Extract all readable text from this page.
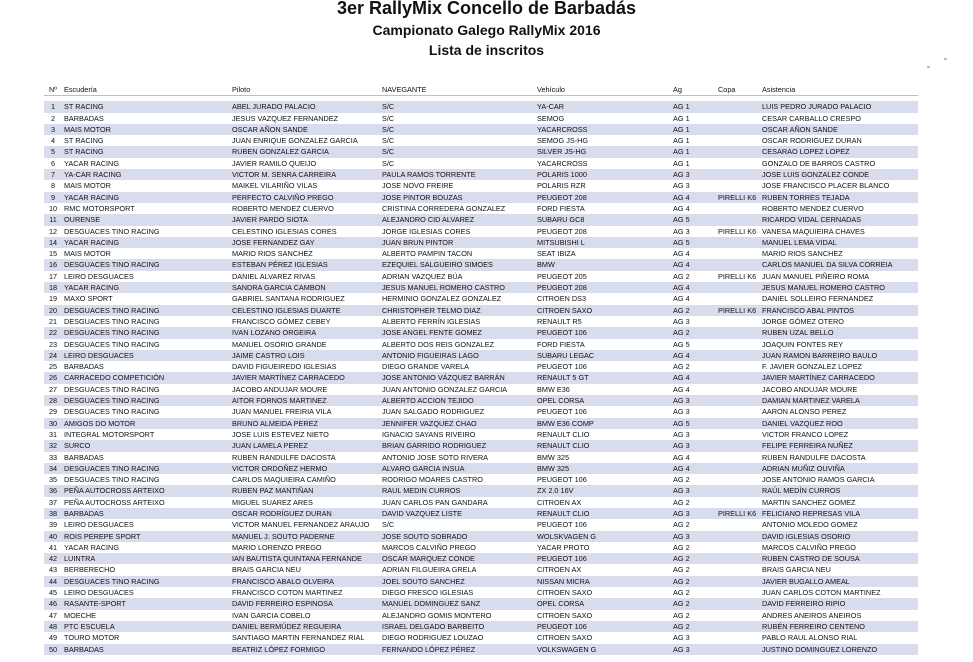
3er RallyMix Concello de Barbadás
Campionato Galego RallyMix 2016
Lista de inscritos
Nº	Escudería	Piloto	NAVEGANTE	Vehículo	Ag	Copa	Asistencia

1	ST RACING	ABEL JURADO PALACIO	S/C	YA-CAR	AG 1		LUIS PEDRO JURADO PALACIO
2	BARBADAS	JESUS VAZQUEZ FERNANDEZ	S/C	SEMOG	AG 1		CESAR CARBALLO CRESPO
3	MAIS MOTOR	OSCAR AÑON SANDE	S/C	YACARCROSS	AG 1		OSCAR AÑON SANDE
4	ST RACING	JUAN ENRIQUE GONZALEZ GARCIA	S/C	SEMOG JS-HG	AG 1		OSCAR RODRIGUEZ DURAN
5	ST RACING	RUBEN GONZALEZ GARCIA	S/C	SILVER JS-HG	AG 1		CESARAO LOPEZ LOPEZ
6	YACAR RACING	JAVIER RAMILO QUEIJO	S/C	YACARCROSS	AG 1		GONZALO DE BARROS CASTRO
7	YA-CAR RACING	VICTOR M. SENRA CARREIRA	PAULA RAMOS TORRENTE	POLARIS 1000	AG 3		JOSE LUIS GONZALEZ CONDE
8	MAIS MOTOR	MAIKEL VILARIÑO VILAS	JOSE NOVO FREIRE	POLARIS RZR	AG 3		JOSE FRANCISCO PLACER BLANCO
9	YACAR RACING	PERFECTO CALVIÑO PREGO	JOSE PINTOR BOUZAS	PEUGEOT 208	AG 4	PIRELLI K6	RUBEN TORRES TEJADA
10	RMC MOTORSPORT	ROBERTO MENDEZ CUERVO	CRISTINA CORREDERA GONZALEZ	FORD FIESTA	AG 4		ROBERTO MENDEZ CUERVO
11	OURENSE	JAVIER PARDO SIOTA	ALEJANDRO CID ALVAREZ	SUBARU GC8	AG 5		RICARDO VIDAL CERNADAS
12	DESGUACES TINO RACING	CELESTINO IGLESIAS CORES	JORGE IGLESIAS CORES	PEUGEOT 208	AG 3	PIRELLI K6	VANESA MAQUIEIRA CHAVES
14	YACAR RACING	JOSE FERNANDEZ GAY	JUAN BRUN PINTOR	MITSUBISHI L	AG 5		MANUEL LEMA VIDAL
15	MAIS MOTOR	MARIO RIOS SANCHEZ	ALBERTO PAMPIN TACON	SEAT IBIZA	AG 4		MARIO RIOS SANCHEZ
16	DESGUACES TINO RACING	ESTEBAN PÉREZ IGLESIAS	EZEQUIEL SALGUEIRO SIMOES	BMW	AG 4		CARLOS MANUEL DA SILVA CORREIA
17	LEIRO DESGUACES	DANIEL ALVAREZ RIVAS	ADRIAN VAZQUEZ BÚA	PEUGEOT 205	AG 2	PIRELLI K6	JUAN MANUEL PIÑEIRO ROMA
18	YACAR RACING	SANDRA GARCIA CAMBON	JESUS MANUEL ROMERO CASTRO	PEUGEOT 208	AG 4		JESUS MANUEL ROMERO CASTRO
19	MAXO SPORT	GABRIEL SANTANA RODRIGUEZ	HERMINIO GONZALEZ GONZALEZ	CITROEN DS3	AG 4		DANIEL SOLLEIRO FERNANDEZ
20	DESGUACES TINO RACING	CELESTINO IGLESIAS DUARTE	CHRISTOPHER TELMO DIAZ	CITROEN SAXO	AG 2	PIRELLI K6	FRANCISCO ABAL PINTOS
21	DESGUACES TINO RACING	FRANCISCO GÓMEZ CEBEY	ALBERTO FERRÍN IGLESIAS	RENAULT R5	AG 3		JORGE GÓMEZ OTERO
22	DESGUACES TINO RACING	IVAN LOZANO ORGEIRA	JOSE ANGEL FENTE GOMEZ	PEUGEOT 106	AG 2		RUBEN UZAL BELLO
23	DESGUACES TINO RACING	MANUEL OSORIO GRANDE	ALBERTO DOS REIS GONZALEZ	FORD FIESTA	AG 5		JOAQUIN FONTES REY
24	LEIRO DESGUACES	JAIME CASTRO LOIS	ANTONIO FIGUEIRAS LAGO	SUBARU LEGAC	AG 4		JUAN RAMON BARREIRO BAULO
25	BARBADAS	DAVID FIGUEIREDO IGLESIAS	DIEGO GRANDE VARELA	PEUGEOT 106	AG 2		F. JAVIER GONZALEZ LOPEZ
26	CARRACEDO COMPETICIÓN	JAVIER MARTÍNEZ CARRACEDO	JOSE ANTONIO VÁZQUEZ BARRÁN	RENAULT 5 GT	AG 4		JAVIER MARTÍNEZ CARRACEDO
27	DESGUACES TINO RACING	JACOBO ANDUJAR MOURE	JUAN ANTONIO GONZALEZ GARCIA	BMW E36	AG 4		JACOBO ANDUJAR MOURE
28	DESGUACES TINO RACING	AITOR FORNOS MARTINEZ	ALBERTO ACCION TEJIDO	OPEL CORSA	AG 3		DAMIAN MARTINEZ VARELA
29	DESGUACES TINO RACING	JUAN MANUEL FREIRIA VILA	JUAN SALGADO RODRIGUEZ	PEUGEOT 106	AG 3		AARON ALONSO PEREZ
30	AMIGOS DO MOTOR	BRUNO ALMEIDA PEREZ	JENNIFER VAZQUEZ CHAO	BMW E36 COMP	AG 5		DANIEL VAZQUEZ ROO
31	INTEGRAL MOTORSPORT	JOSE LUIS ESTEVEZ NIETO	IGNACIO SAYANS RIVEIRO	RENAULT CLIO	AG 3		VICTOR FRANCO LOPEZ
32	SURCO	JUAN LAMELA PEREZ	BRIAN GARRIDO RODRIGUEZ	RENAULT CLIO	AG 3		FELIPE FERREIRA NUÑEZ
33	BARBADAS	RUBEN RANDULFE DACOSTA	ANTONIO JOSE SOTO RIVERA	BMW 325	AG 4		RUBEN RANDULFE DACOSTA
34	DESGUACES TINO RACING	VICTOR ORDOÑEZ HERMO	ALVARO GARCIA INSUA	BMW 325	AG 4		ADRIAN MUÑIZ OUVIÑA
35	DESGUACES TINO RACING	CARLOS MAQUIEIRA CAMIÑO	RODRIGO MOARES CASTRO	PEUGEOT 106	AG 2		JOSE ANTONIO RAMOS GARCIA
36	PEÑA AUTOCROSS ARTEIXO	RUBEN PAZ MANTIÑAN	RAUL MEDIN CURROS	ZX 2.0 16V	AG 3		RAÚL MEDÍN CURROS
37	PEÑA AUTOCROSS ARTEIXO	MIGUEL SUAREZ ARES	JUAN CARLOS PAN GANDARA	CITROEN AX	AG 2		MARTIN SANCHEZ GOMEZ
38	BARBADAS	OSCAR RODRÍGUEZ DURAN	DAVID VAZQUEZ LISTE	RENAULT CLIO	AG 3	PIRELLI K6	FELICIANO REPRESAS VILA
39	LEIRO DESGUACES	VICTOR MANUEL FERNANDEZ ARAUJO	S/C	PEUGEOT 106	AG 2		ANTONIO MOLEDO GOMEZ
40	ROIS PEREPE SPORT	MANUEL J. SOUTO PADERNE	JOSE SOUTO SOBRADO	WOLSKVAGEN G	AG 3		DAVID IGLESIAS OSORIO
41	YACAR RACING	MARIO LORENZO PREGO	MARCOS CALVIÑO PREGO	YACAR PROTO	AG 2		MARCOS CALVIÑO PREGO
42	LUINTRA	IAN BAUTISTA QUINTANA FERNANDE	OSCAR MARQUEZ CONDE	PEUGEOT 106	AG 2		RUBEN CASTRO DE SOUSA
43	BERBERECHO	BRAIS GARCIA NEU	ADRIAN FILGUEIRA GRELA	CITROEN AX	AG 2		BRAIS GARCIA NEU
44	DESGUACES TINO RACING	FRANCISCO ABALO OLVEIRA	JOEL SOUTO SANCHEZ	NISSAN MICRA	AG 2		JAVIER BUGALLO AMEAL
45	LEIRO DESGUACES	FRANCISCO COTON MARTINEZ	DIEGO FRESCO IGLESIAS	CITROEN SAXO	AG 2		JUAN CARLOS COTON MARTINEZ
46	RASANTE-SPORT	DAVID FERREIRO ESPINOSA	MANUEL DOMINGUEZ SANZ	OPEL CORSA	AG 2		DAVID FERREIRO RIPIO
47	MOECHE	IVAN GARCIA COBELO	ALEJANDRO GOMIS MONTERO	CITROEN SAXO	AG 2		ANDRES ANEIROS ANEIROS
48	PTC ESCUELA	DANIEL BERMÚDEZ REGUEIRA	ISRAEL DELGADO BARBEITO	PEUGEOT 106	AG 2		RUBÉN FERREIRO CENTENO
49	TOURO MOTOR	SANTIAGO MARTIN FERNANDEZ RIAL	DIEGO RODRIGUEZ LOUZAO	CITROEN SAXO	AG 3		PABLO RAUL ALONSO RIAL
50	BARBADAS	BEATRIZ LÓPEZ FORMIGO	FERNANDO LÓPEZ PÉREZ	VOLKSWAGEN G	AG 3		JUSTINO DOMINGUEZ LORENZO
